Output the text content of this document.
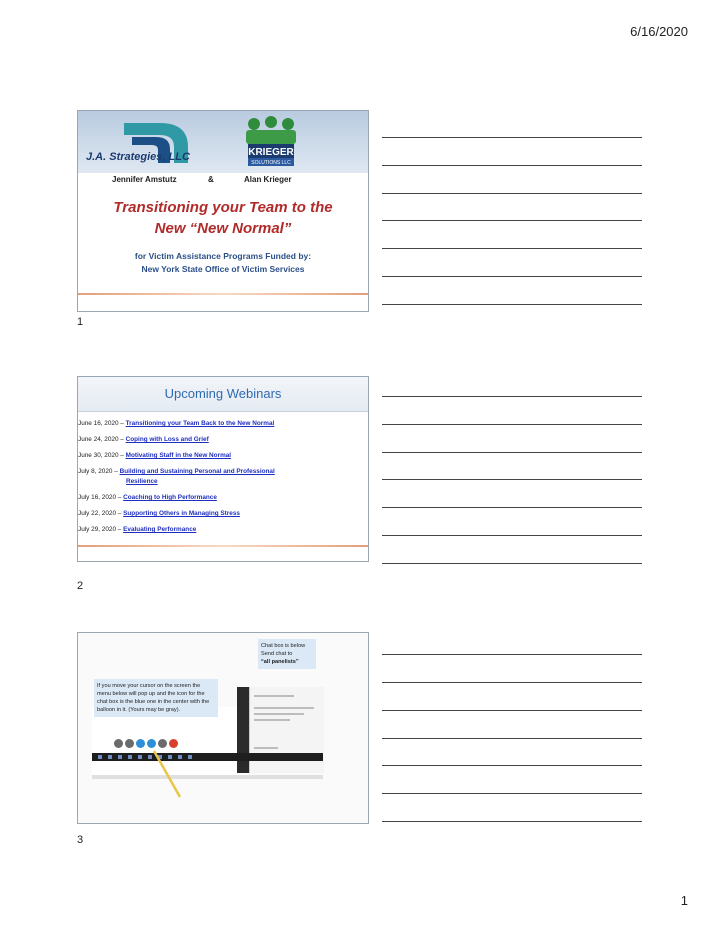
6/16/2020
J.A. Strategies, LLC	KRIEGER
SOLUTIONS LLC
Jennifer Amstutz	&	Alan Krieger
Transitioning your Team to the
New “New Normal”
for Victim Assistance Programs Funded by:
New York State Office of Victim Services
1
Upcoming Webinars
June 16, 2020 – Transitioning your Team Back to the New Normal
June 24, 2020 – Coping with Loss and Grief
June 30, 2020 – Motivating Staff in the New Normal
July 8, 2020 – Building and Sustaining Personal and Professional
Resilience
July 16, 2020 – Coaching to High Performance
July 22, 2020 – Supporting Others in Managing Stress
July 29, 2020 – Evaluating Performance
2
If you move your cursor on the screen the menu below will pop up and the icon for the chat box is the blue one in the center with the balloon in it. (Yours may be gray).
Chat box is below
Send chat to
“all panelists”
3
1
